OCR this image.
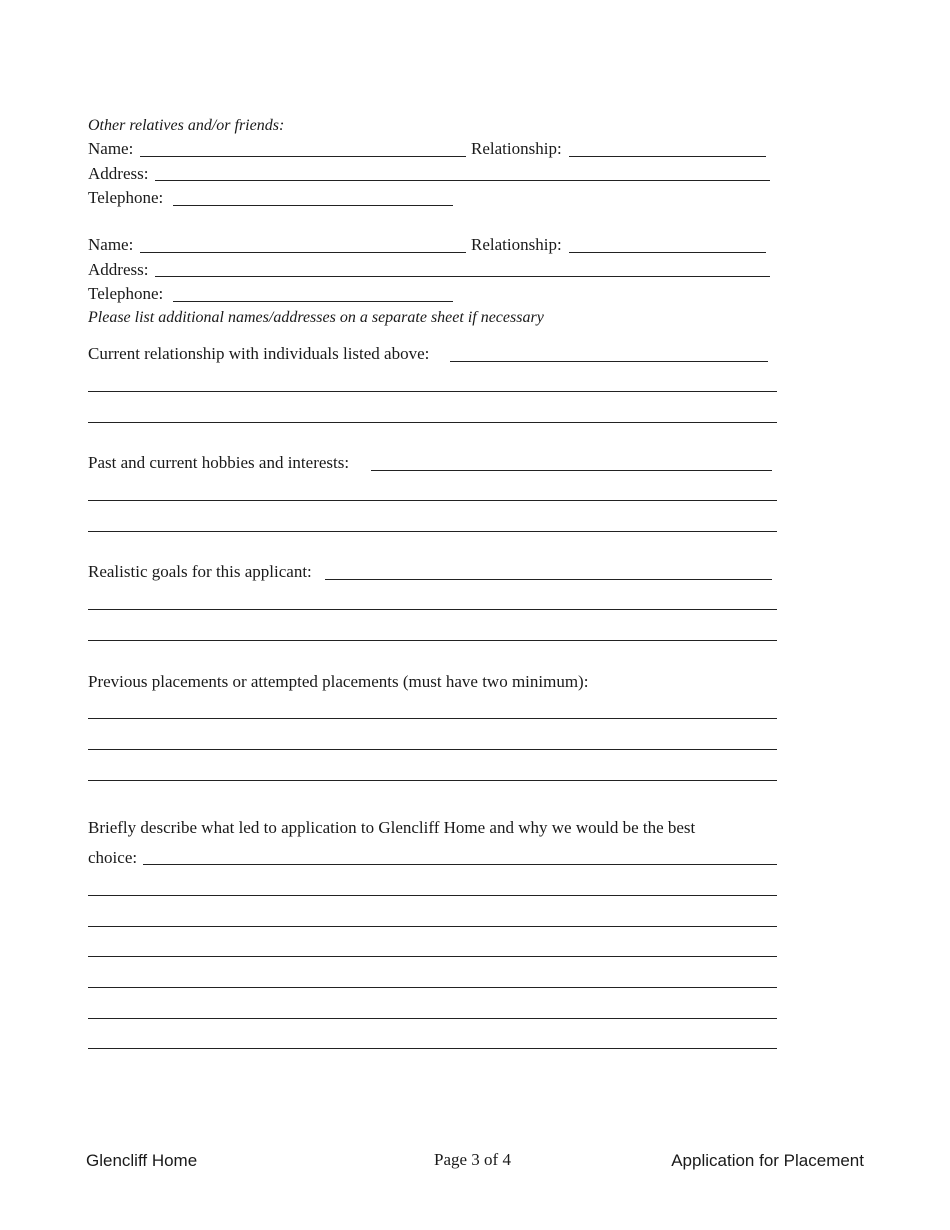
Other relatives and/or friends:
Name:	Relationship:
Address:
Telephone:
Name:	Relationship:
Address:
Telephone:
Please list additional names/addresses on a separate sheet if necessary
Current relationship with individuals listed above:
Past and current hobbies and interests:
Realistic goals for this applicant:
Previous placements or attempted placements (must have two minimum):
Briefly describe what led to application to Glencliff Home and why we would be the best
choice:
Glencliff Home	Page 3 of 4	Application for Placement
